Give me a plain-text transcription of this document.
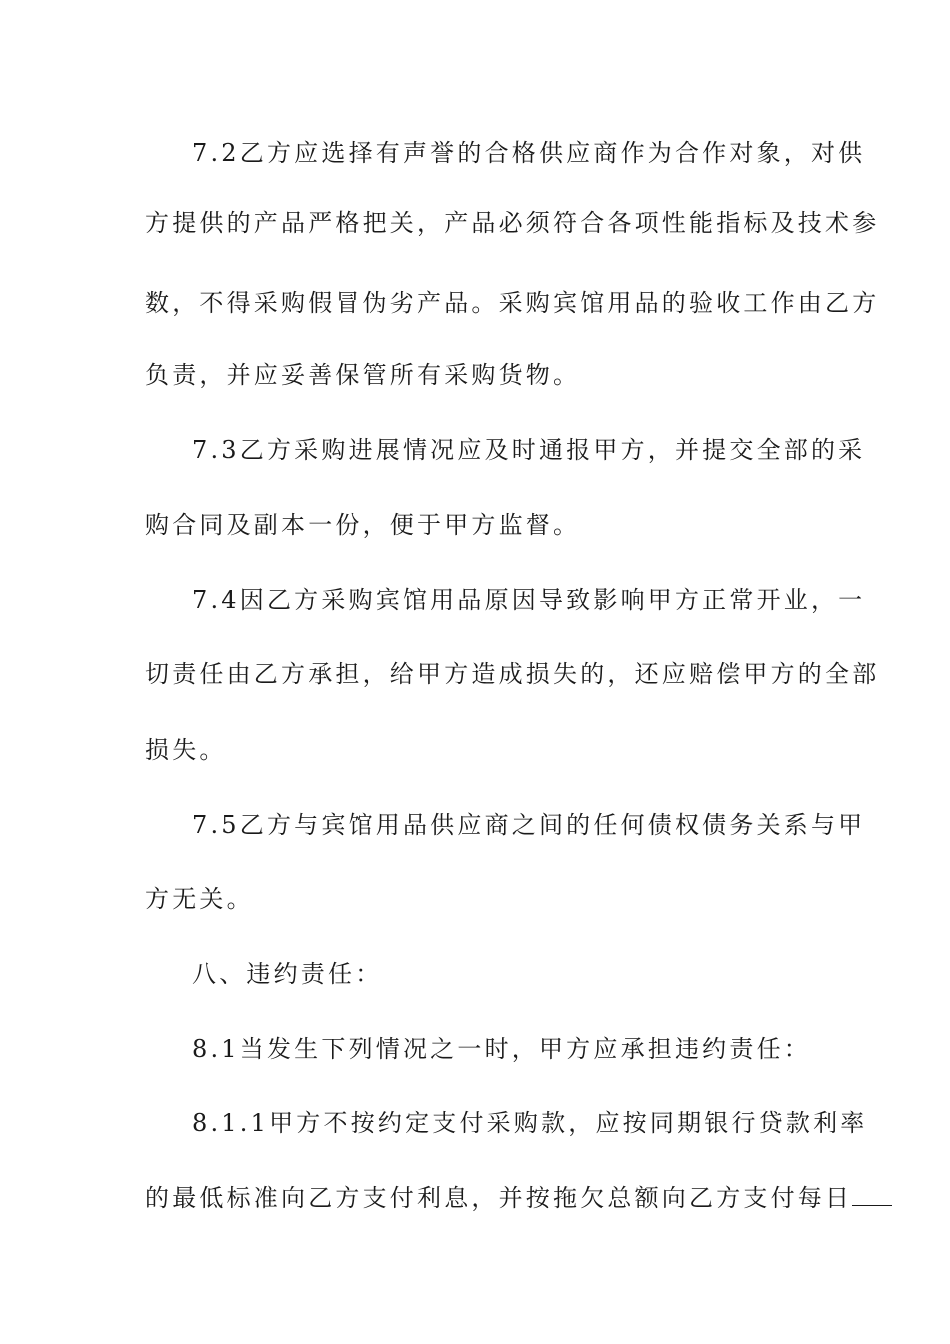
7.2乙方应选择有声誉的合格供应商作为合作对象，对供
方提供的产品严格把关，产品必须符合各项性能指标及技术参
数，不得采购假冒伪劣产品。采购宾馆用品的验收工作由乙方
负责，并应妥善保管所有采购货物。
7.3乙方采购进展情况应及时通报甲方，并提交全部的采
购合同及副本一份，便于甲方监督。
7.4因乙方采购宾馆用品原因导致影响甲方正常开业，一
切责任由乙方承担，给甲方造成损失的，还应赔偿甲方的全部
损失。
7.5乙方与宾馆用品供应商之间的任何债权债务关系与甲
方无关。
八、违约责任：
8.1当发生下列情况之一时，甲方应承担违约责任：
8.1.1甲方不按约定支付采购款，应按同期银行贷款利率
的最低标准向乙方支付利息，并按拖欠总额向乙方支付每日
